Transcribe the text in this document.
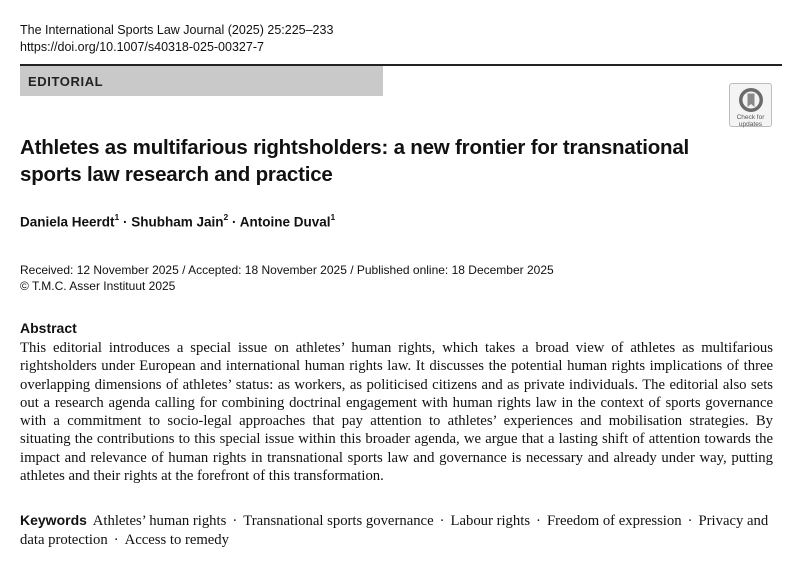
The International Sports Law Journal (2025) 25:225–233
https://doi.org/10.1007/s40318-025-00327-7
EDITORIAL
Check for updates
Athletes as multifarious rightsholders: a new frontier for transnational sports law research and practice
Daniela Heerdt$^1$ · Shubham Jain$^2$ · Antoine Duval$^1$
Received: 12 November 2025 / Accepted: 18 November 2025 / Published online: 18 December 2025
© T.M.C. Asser Instituut 2025
Abstract

This editorial introduces a special issue on athletes’ human rights, which takes a broad view of athletes as multifarious rightsholders under European and international human rights law. It discusses the potential human rights implications of three overlapping dimensions of athletes’ status: as workers, as politicised citizens and as private individuals. The editorial also sets out a research agenda calling for combining doctrinal engagement with human rights law in the context of sports governance with a commitment to socio-legal approaches that pay attention to athletes’ experiences and mobilisation strategies. By situating the contributions to this special issue within this broader agenda, we argue that a lasting shift of attention towards the impact and relevance of human rights in transnational sports law and governance is necessary and already under way, putting athletes and their rights at the forefront of this transformation.

Keywords Athletes’ human rights · Transnational sports governance · Labour rights · Freedom of expression · Privacy and data protection · Access to remedy
